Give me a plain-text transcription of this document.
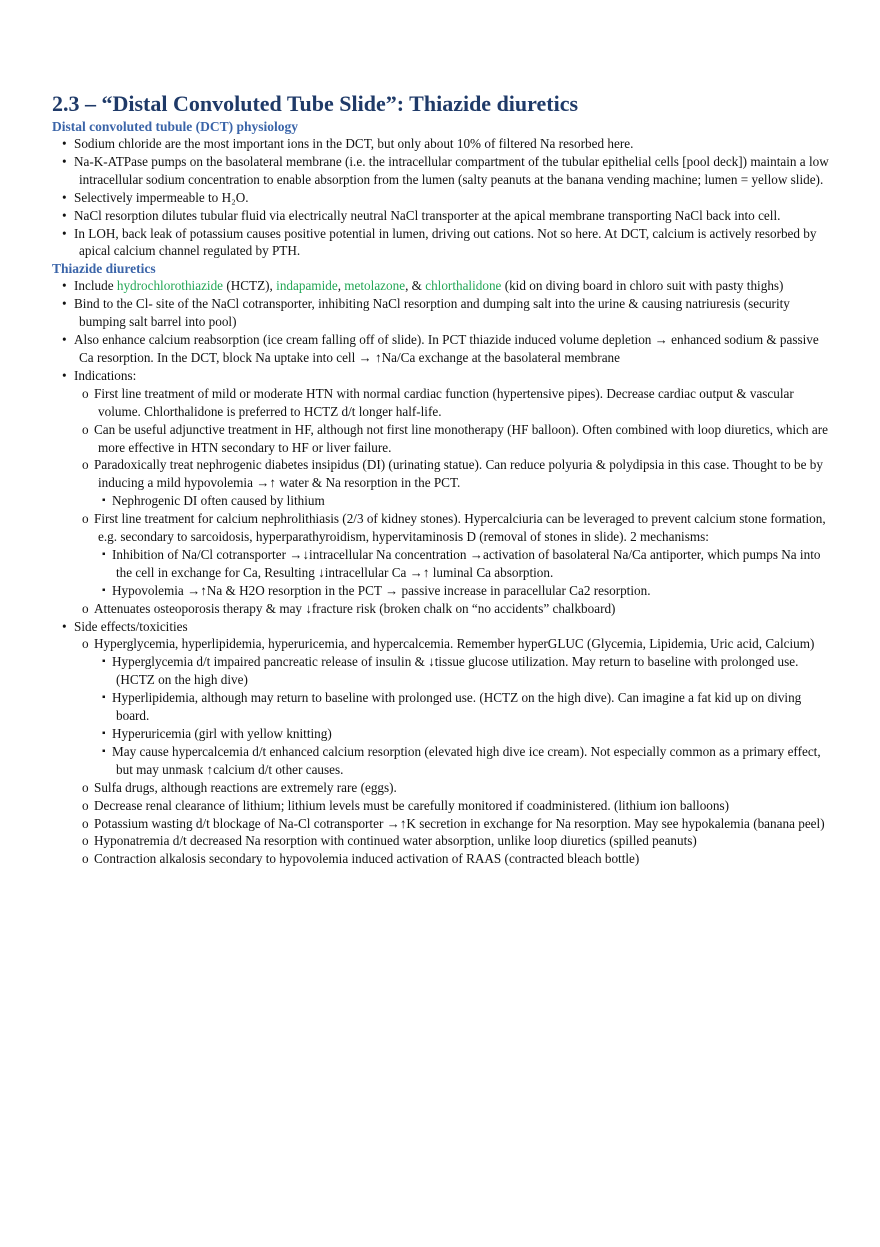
2.3 – “Distal Convoluted Tube Slide”: Thiazide diuretics

Distal convoluted tubule (DCT) physiology

• Sodium chloride are the most important ions in the DCT, but only about 10% of filtered Na resorbed here.

• Na-K-ATPase pumps on the basolateral membrane (i.e. the intracellular compartment of the tubular epithelial cells [pool deck]) maintain a low intracellular sodium concentration to enable absorption from the lumen (salty peanuts at the banana vending machine; lumen = yellow slide).

• Selectively impermeable to H₂O.

• NaCl resorption dilutes tubular fluid via electrically neutral NaCl transporter at the apical membrane transporting NaCl back into cell.

• In LOH, back leak of potassium causes positive potential in lumen, driving out cations. Not so here. At DCT, calcium is actively resorbed by apical calcium channel regulated by PTH.

Thiazide diuretics

• Include hydrochlorothiazide (HCTZ), indapamide, metolazone, & chlorthalidone (kid on diving board in chloro suit with pasty thighs)

• Bind to the Cl- site of the NaCl cotransporter, inhibiting NaCl resorption and dumping salt into the urine & causing natriuresis (security bumping salt barrel into pool)

• Also enhance calcium reabsorption (ice cream falling off of slide). In PCT thiazide induced volume depletion → enhanced sodium & passive Ca resorption. In the DCT, block Na uptake into cell → ↑Na/Ca exchange at the basolateral membrane

• Indications:

o First line treatment of mild or moderate HTN with normal cardiac function (hypertensive pipes). Decrease cardiac output & vascular volume. Chlorthalidone is preferred to HCTZ d/t longer half-life.

o Can be useful adjunctive treatment in HF, although not first line monotherapy (HF balloon). Often combined with loop diuretics, which are more effective in HTN secondary to HF or liver failure.

o Paradoxically treat nephrogenic diabetes insipidus (DI) (urinating statue). Can reduce polyuria & polydipsia in this case. Thought to be by inducing a mild hypovolemia →↑ water & Na resorption in the PCT.

▪ Nephrogenic DI often caused by lithium

o First line treatment for calcium nephrolithiasis (2/3 of kidney stones). Hypercalciuria can be leveraged to prevent calcium stone formation, e.g. secondary to sarcoidosis, hyperparathyroidism, hypervitaminosis D (removal of stones in slide). 2 mechanisms:

▪ Inhibition of Na/Cl cotransporter →↓intracellular Na concentration →activation of basolateral Na/Ca antiporter, which pumps Na into the cell in exchange for Ca, Resulting ↓intracellular Ca →↑ luminal Ca absorption.

▪ Hypovolemia →↑Na & H2O resorption in the PCT → passive increase in paracellular Ca2 resorption.

o Attenuates osteoporosis therapy & may ↓fracture risk (broken chalk on “no accidents” chalkboard)

• Side effects/toxicities

o Hyperglycemia, hyperlipidemia, hyperuricemia, and hypercalcemia. Remember hyperGLUC (Glycemia, Lipidemia, Uric acid, Calcium)

▪ Hyperglycemia d/t impaired pancreatic release of insulin & ↓tissue glucose utilization. May return to baseline with prolonged use. (HCTZ on the high dive)

▪ Hyperlipidemia, although may return to baseline with prolonged use. (HCTZ on the high dive). Can imagine a fat kid up on diving board.

▪ Hyperuricemia (girl with yellow knitting)

▪ May cause hypercalcemia d/t enhanced calcium resorption (elevated high dive ice cream). Not especially common as a primary effect, but may unmask ↑calcium d/t other causes.

o Sulfa drugs, although reactions are extremely rare (eggs).

o Decrease renal clearance of lithium; lithium levels must be carefully monitored if coadministered. (lithium ion balloons)

o Potassium wasting d/t blockage of Na-Cl cotransporter →↑K secretion in exchange for Na resorption. May see hypokalemia (banana peel)

o Hyponatremia d/t decreased Na resorption with continued water absorption, unlike loop diuretics (spilled peanuts)

o Contraction alkalosis secondary to hypovolemia induced activation of RAAS (contracted bleach bottle)
